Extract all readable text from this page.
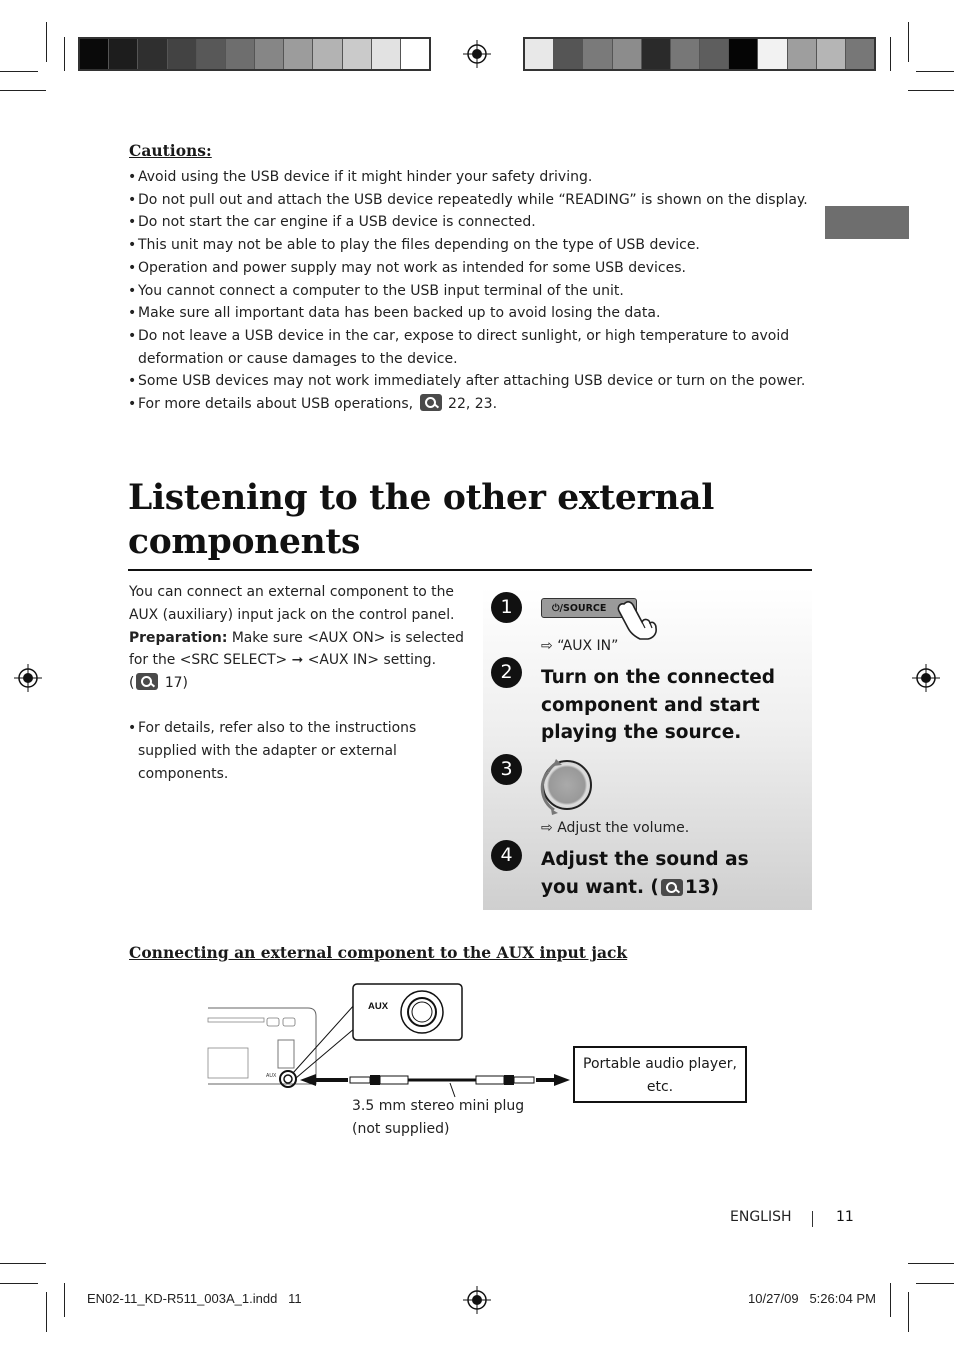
Cautions:
• Avoid using the USB device if it might hinder your safety driving.
• Do not pull out and attach the USB device repeatedly while “READING” is shown on the display.
• Do not start the car engine if a USB device is connected.
• This unit may not be able to play the files depending on the type of USB device.
• Operation and power supply may not work as intended for some USB devices.
• You cannot connect a computer to the USB input terminal of the unit.
• Make sure all important data has been backed up to avoid losing the data.
• Do not leave a USB device in the car, expose to direct sunlight, or high temperature to avoid deformation or cause damages to the device.
• Some USB devices may not work immediately after attaching USB device or turn on the power.
• For more details about USB operations, 22, 23.
Listening to the other external
components
You can connect an external component to the AUX (auxiliary) input jack on the control panel. Preparation: Make sure <AUX ON> is selected for the <SRC SELECT> ➞ <AUX IN> setting.
( 17)
• For details, refer also to the instructions supplied with the adapter or external components.
1	⏻/SOURCE
⇨ “AUX IN”
2	Turn on the connected component and start playing the source.
3
⇨ Adjust the volume.
4	Adjust the sound as you want. ( 13)
Connecting an external component to the AUX input jack
AUX
AUX
Portable audio player, etc.
3.5 mm stereo mini plug
(not supplied)
ENGLISH	11
EN02-11_KD-R511_003A_1.indd   11	10/27/09   5:26:04 PM
